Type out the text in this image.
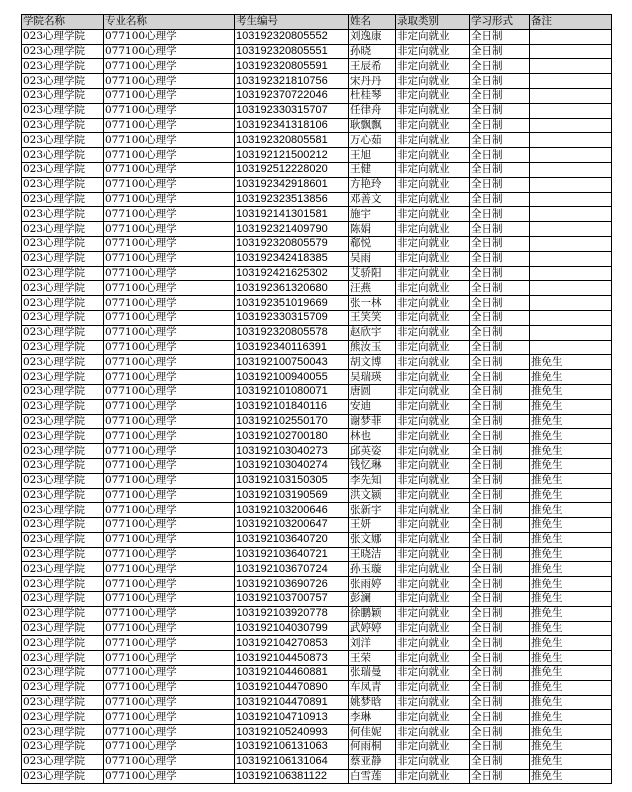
学院名称	专业名称	考生编号	姓名	录取类别	学习形式	备注
023心理学院	077100心理学	103192320805552	刘逸康	非定向就业	全日制	
023心理学院	077100心理学	103192320805551	孙晓	非定向就业	全日制	
023心理学院	077100心理学	103192320805591	王辰希	非定向就业	全日制	
023心理学院	077100心理学	103192321810756	宋丹丹	非定向就业	全日制	
023心理学院	077100心理学	103192370722046	杜桂琴	非定向就业	全日制	
023心理学院	077100心理学	103192330315707	任律舟	非定向就业	全日制	
023心理学院	077100心理学	103192341318106	耿飘飘	非定向就业	全日制	
023心理学院	077100心理学	103192320805581	万心茹	非定向就业	全日制	
023心理学院	077100心理学	103192121500212	王旭	非定向就业	全日制	
023心理学院	077100心理学	103192512228020	王健	非定向就业	全日制	
023心理学院	077100心理学	103192342918601	方艳玲	非定向就业	全日制	
023心理学院	077100心理学	103192323513856	邓善文	非定向就业	全日制	
023心理学院	077100心理学	103192141301581	施宇	非定向就业	全日制	
023心理学院	077100心理学	103192321409790	陈娟	非定向就业	全日制	
023心理学院	077100心理学	103192320805579	郗悦	非定向就业	全日制	
023心理学院	077100心理学	103192342418385	吴雨	非定向就业	全日制	
023心理学院	077100心理学	103192421625302	艾骄阳	非定向就业	全日制	
023心理学院	077100心理学	103192361320680	汪燕	非定向就业	全日制	
023心理学院	077100心理学	103192351019669	张一林	非定向就业	全日制	
023心理学院	077100心理学	103192330315709	王笑笑	非定向就业	全日制	
023心理学院	077100心理学	103192320805578	赵欣宇	非定向就业	全日制	
023心理学院	077100心理学	103192340116391	熊汝玉	非定向就业	全日制	
023心理学院	077100心理学	103192100750043	胡文博	非定向就业	全日制	推免生
023心理学院	077100心理学	103192100940055	吴瑞瑛	非定向就业	全日制	推免生
023心理学院	077100心理学	103192101080071	唐圆	非定向就业	全日制	推免生
023心理学院	077100心理学	103192101840116	安迪	非定向就业	全日制	推免生
023心理学院	077100心理学	103192102550170	谢梦菲	非定向就业	全日制	推免生
023心理学院	077100心理学	103192102700180	林也	非定向就业	全日制	推免生
023心理学院	077100心理学	103192103040273	邱英姿	非定向就业	全日制	推免生
023心理学院	077100心理学	103192103040274	钱忆琳	非定向就业	全日制	推免生
023心理学院	077100心理学	103192103150305	李先知	非定向就业	全日制	推免生
023心理学院	077100心理学	103192103190569	洪文颍	非定向就业	全日制	推免生
023心理学院	077100心理学	103192103200646	张新宇	非定向就业	全日制	推免生
023心理学院	077100心理学	103192103200647	王妍	非定向就业	全日制	推免生
023心理学院	077100心理学	103192103640720	张文娜	非定向就业	全日制	推免生
023心理学院	077100心理学	103192103640721	王晓洁	非定向就业	全日制	推免生
023心理学院	077100心理学	103192103670724	孙玉璇	非定向就业	全日制	推免生
023心理学院	077100心理学	103192103690726	张雨婷	非定向就业	全日制	推免生
023心理学院	077100心理学	103192103700757	彭澜	非定向就业	全日制	推免生
023心理学院	077100心理学	103192103920778	徐鹏颖	非定向就业	全日制	推免生
023心理学院	077100心理学	103192104030799	武婷婷	非定向就业	全日制	推免生
023心理学院	077100心理学	103192104270853	刘洋	非定向就业	全日制	推免生
023心理学院	077100心理学	103192104450873	王荣	非定向就业	全日制	推免生
023心理学院	077100心理学	103192104460881	张瑞曼	非定向就业	全日制	推免生
023心理学院	077100心理学	103192104470890	车凤青	非定向就业	全日制	推免生
023心理学院	077100心理学	103192104470891	姚梦晗	非定向就业	全日制	推免生
023心理学院	077100心理学	103192104710913	李琳	非定向就业	全日制	推免生
023心理学院	077100心理学	103192105240993	何佳妮	非定向就业	全日制	推免生
023心理学院	077100心理学	103192106131063	何雨桐	非定向就业	全日制	推免生
023心理学院	077100心理学	103192106131064	蔡亚静	非定向就业	全日制	推免生
023心理学院	077100心理学	103192106381122	白雪莲	非定向就业	全日制	推免生
